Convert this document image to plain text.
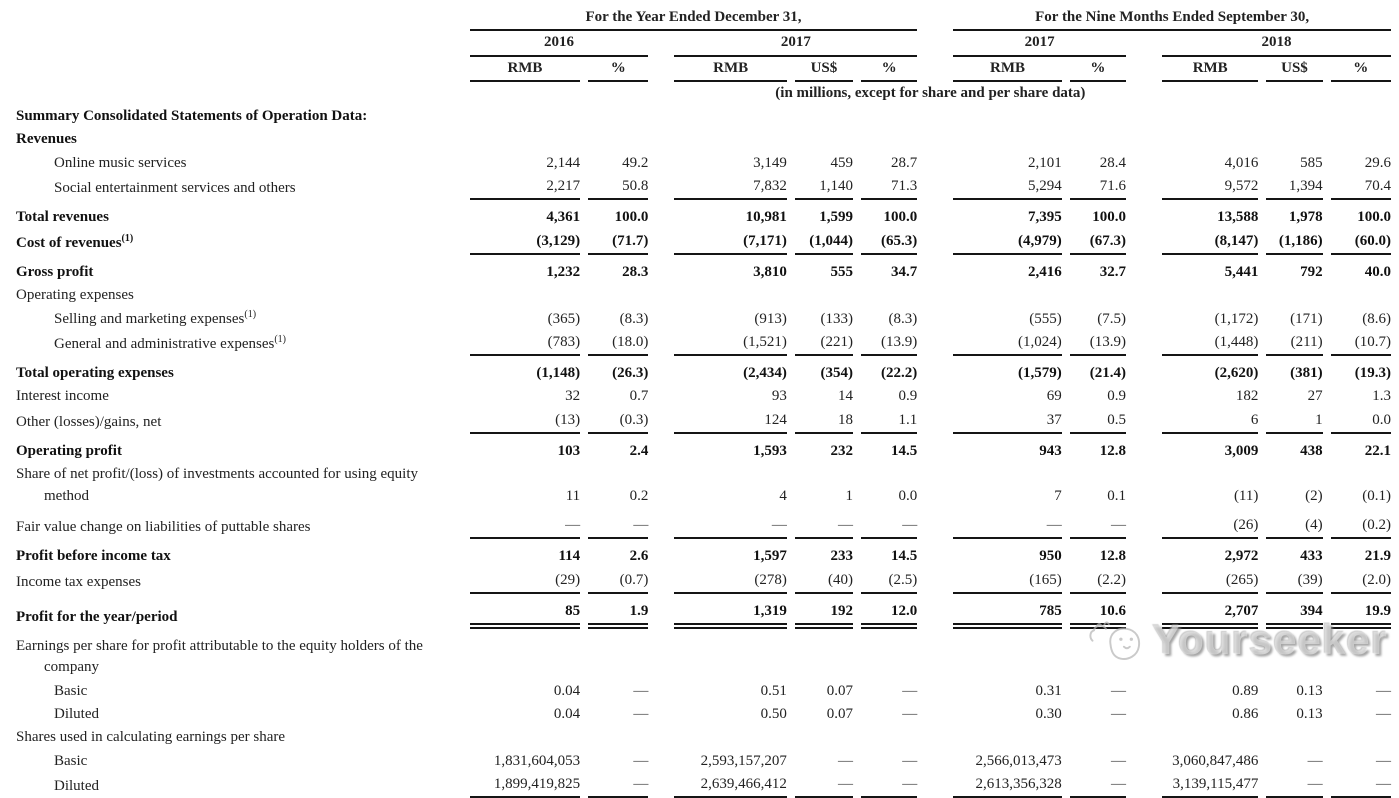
	For the Year Ended December 31,							For the Nine Months Ended September 30,					
	2016			2017				2017			2018		
	RMB	%		RMB	US$	%		RMB	%		RMB	US$	%
	(in millions, except for share and per share data)												
Summary Consolidated Statements of Operation Data:													
Revenues													
Online music services	2,144	49.2		3,149	459	28.7		2,101	28.4		4,016	585	29.6
Social entertainment services and others	2,217	50.8		7,832	1,140	71.3		5,294	71.6		9,572	1,394	70.4
Total revenues	4,361	100.0		10,981	1,599	100.0		7,395	100.0		13,588	1,978	100.0
Cost of revenues$^{(1)}$	(3,129)	(71.7)		(7,171)	(1,044)	(65.3)		(4,979)	(67.3)		(8,147)	(1,186)	(60.0)
Gross profit	1,232	28.3		3,810	555	34.7		2,416	32.7		5,441	792	40.0
Operating expenses													
Selling and marketing expenses$^{(1)}$	(365)	(8.3)		(913)	(133)	(8.3)		(555)	(7.5)		(1,172)	(171)	(8.6)
General and administrative expenses$^{(1)}$	(783)	(18.0)		(1,521)	(221)	(13.9)		(1,024)	(13.9)		(1,448)	(211)	(10.7)
Total operating expenses	(1,148)	(26.3)		(2,434)	(354)	(22.2)		(1,579)	(21.4)		(2,620)	(381)	(19.3)
Interest income	32	0.7		93	14	0.9		69	0.9		182	27	1.3
Other (losses)/gains, net	(13)	(0.3)		124	18	1.1		37	0.5		6	1	0.0
Operating profit	103	2.4		1,593	232	14.5		943	12.8		3,009	438	22.1
Share of net profit/(loss) of investments accounted for using equity
method	11	0.2		4	1	0.0		7	0.1		(11)	(2)	(0.1)
Fair value change on liabilities of puttable shares	—	—		—	—	—		—	—		(26)	(4)	(0.2)
Profit before income tax	114	2.6		1,597	233	14.5		950	12.8		2,972	433	21.9
Income tax expenses	(29)	(0.7)		(278)	(40)	(2.5)		(165)	(2.2)		(265)	(39)	(2.0)
Profit for the year/period	85	1.9		1,319	192	12.0		785	10.6		2,707	394	19.9
Earnings per share for profit attributable to the equity holders of the
company													
Basic	0.04	—		0.51	0.07	—		0.31	—		0.89	0.13	—
Diluted	0.04	—		0.50	0.07	—		0.30	—		0.86	0.13	—
Shares used in calculating earnings per share													
Basic	1,831,604,053	—		2,593,157,207	—	—		2,566,013,473	—		3,060,847,486	—	—
Diluted	1,899,419,825	—		2,639,466,412	—	—		2,613,356,328	—		3,139,115,477	—	—
Yourseeker
